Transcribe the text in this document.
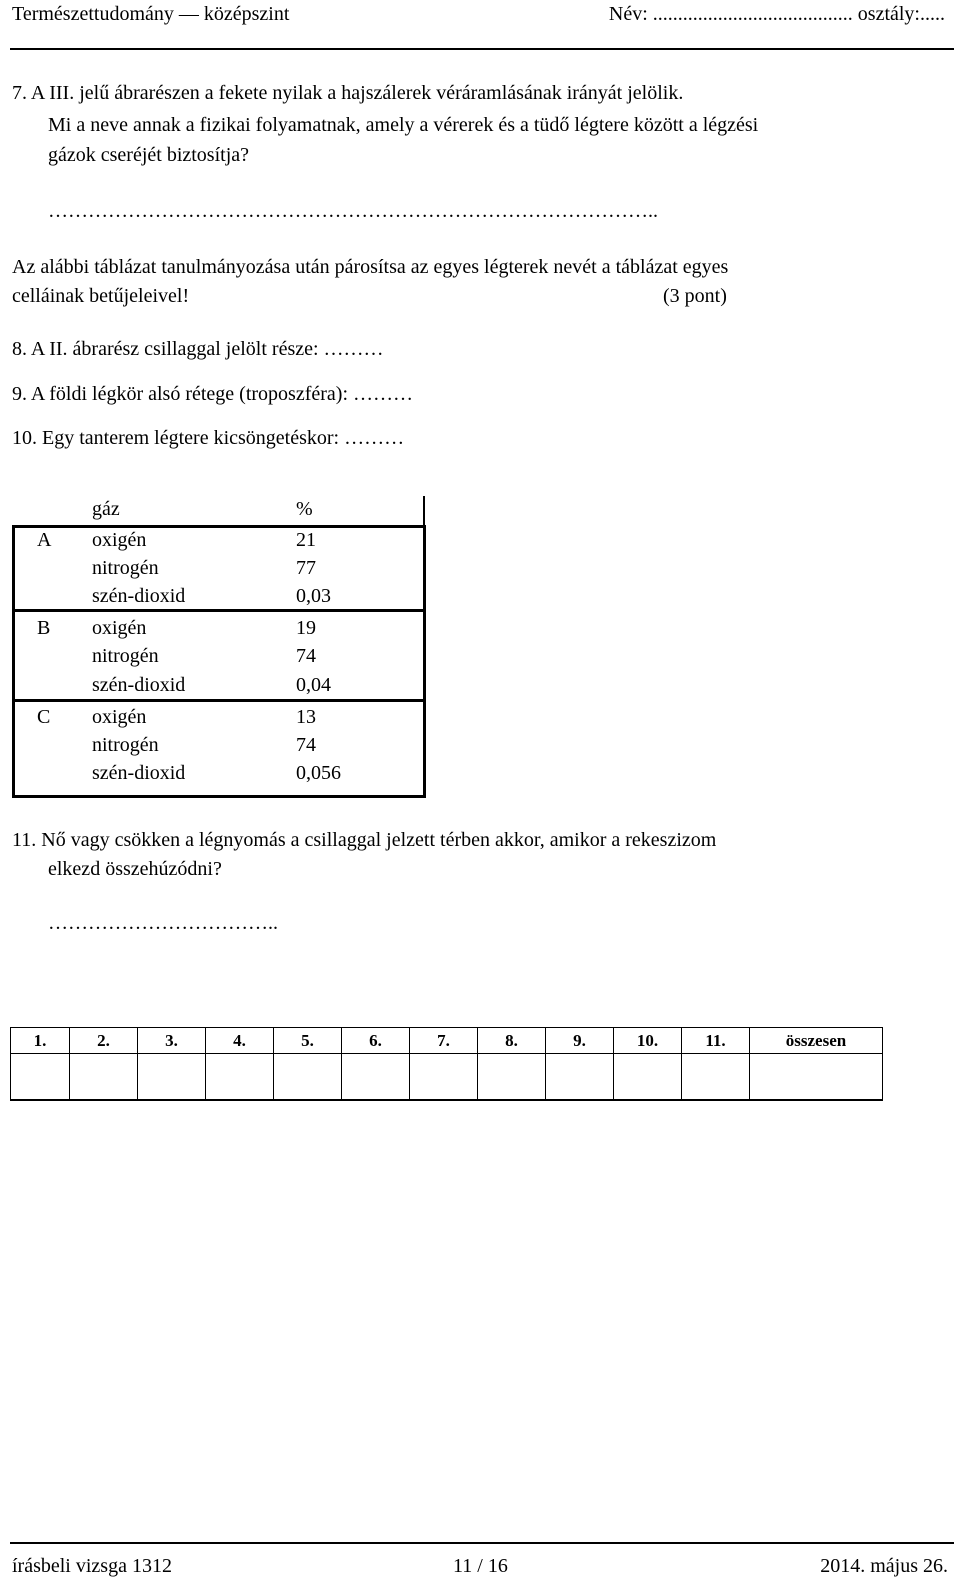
Természettudomány — középszint	Név: ........................................ osztály:.....
7. A III. jelű ábrarészen a fekete nyilak a hajszálerek véráramlásának irányát jelölik.
Mi a neve annak a fizikai folyamatnak, amely a vérerek és a tüdő légtere között a légzési
gázok cseréjét biztosítja?
………………………………………………………………………………..
Az alábbi táblázat tanulmányozása után párosítsa az egyes légterek nevét a táblázat egyes
celláinak betűjeleivel!	(3 pont)
8. A II. ábrarész csillaggal jelölt része: ………
9. A földi légkör alsó rétege (troposzféra): ………
10. Egy tanterem légtere kicsöngetéskor: ………
gáz	%
A oxigén	21
nitrogén	77
szén-dioxid	0,03
B oxigén	19
nitrogén	74
szén-dioxid	0,04
C oxigén	13
nitrogén	74
szén-dioxid	0,056
11. Nő vagy csökken a légnyomás a csillaggal jelzett térben akkor, amikor a rekeszizom
elkezd összehúzódni?
……………………………..
1.	2.	3.	4.	5.	6.	7.	8.	9.	10.	11.	összesen

írásbeli vizsga 1312	11 / 16	2014. május 26.
